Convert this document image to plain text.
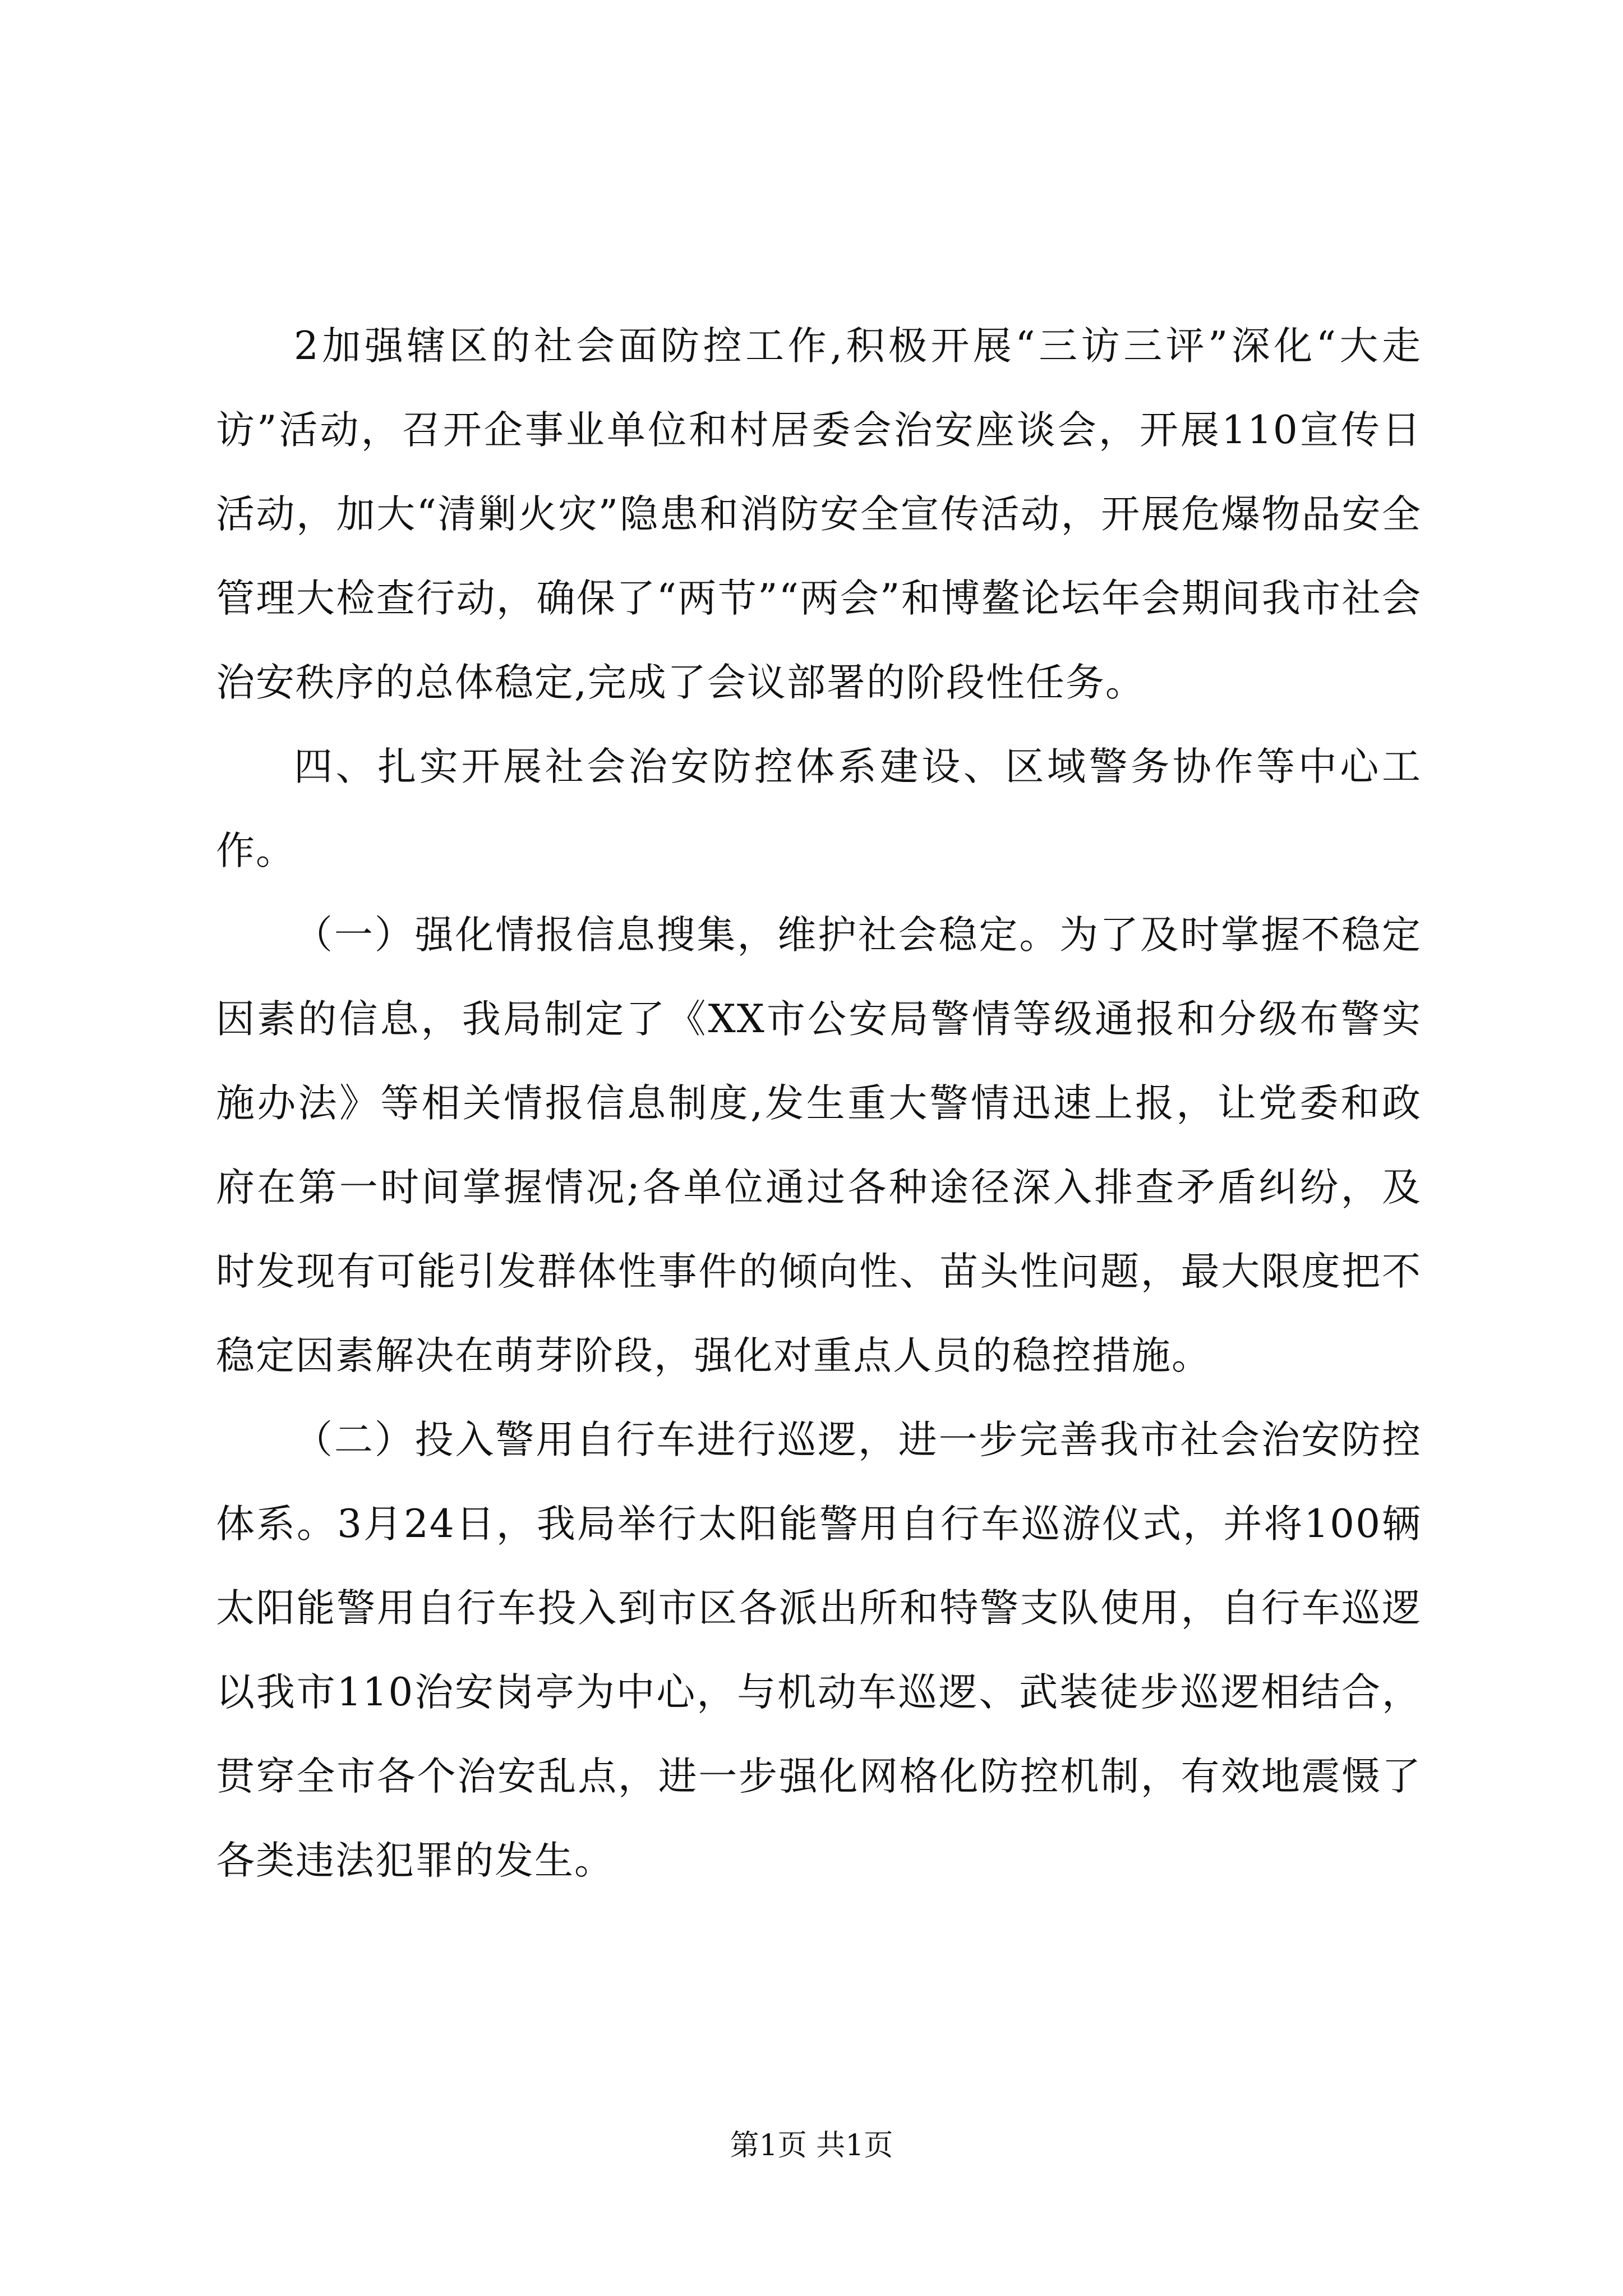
2加强辖区的社会面防控工作,积极开展“三访三评”深化“大走访”活动，召开企事业单位和村居委会治安座谈会，开展110宣传日活动，加大“清剿火灾”隐患和消防安全宣传活动，开展危爆物品安全管理大检查行动，确保了“两节”“两会”和博鳌论坛年会期间我市社会治安秩序的总体稳定,完成了会议部署的阶段性任务。

四、扎实开展社会治安防控体系建设、区域警务协作等中心工作。

（一）强化情报信息搜集，维护社会稳定。为了及时掌握不稳定因素的信息，我局制定了《XX市公安局警情等级通报和分级布警实施办法》等相关情报信息制度,发生重大警情迅速上报，让党委和政府在第一时间掌握情况;各单位通过各种途径深入排查矛盾纠纷，及时发现有可能引发群体性事件的倾向性、苗头性问题，最大限度把不稳定因素解决在萌芽阶段，强化对重点人员的稳控措施。

（二）投入警用自行车进行巡逻，进一步完善我市社会治安防控体系。3月24日，我局举行太阳能警用自行车巡游仪式，并将100辆太阳能警用自行车投入到市区各派出所和特警支队使用，自行车巡逻以我市110治安岗亭为中心，与机动车巡逻、武装徒步巡逻相结合，贯穿全市各个治安乱点，进一步强化网格化防控机制，有效地震慑了各类违法犯罪的发生。

第1页 共1页
